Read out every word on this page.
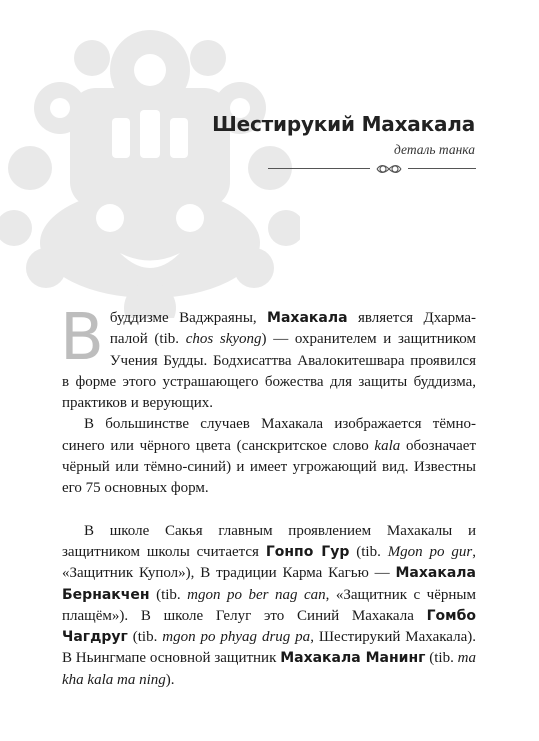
Шестирукий Махакала
деталь танка

В буддизме Ваджраяны, Махакала является Дхармапалой (tib. chos skyong) — охранителем и защитником Учения Будды. Бодхисаттва Авалокитешвара проявился в форме этого устрашающего божества для защиты буддизма, практиков и верующих.

В большинстве случаев Махакала изображается тёмно-синего или чёрного цвета (санскритское слово kala обозначает чёрный или тёмно-синий) и имеет угрожающий вид. Известны его 75 основных форм.

В школе Сакья главным проявлением Махакалы и защитником школы считается Гонпо Гур (tib. Mgon po gur, «Защитник Купол»), В традиции Карма Кагью — Махакала Бернакчен (tib. mgon po ber nag can, «Защитник с чёрным плащём»). В школе Гелуг это Синий Махакала Гомбо Чагдруг (tib. mgon po phyag drug pa, Шестирукий Махакала). В Ньингмапе основной защитник Махакала Манинг (tib. ma kha kala ma ning).
